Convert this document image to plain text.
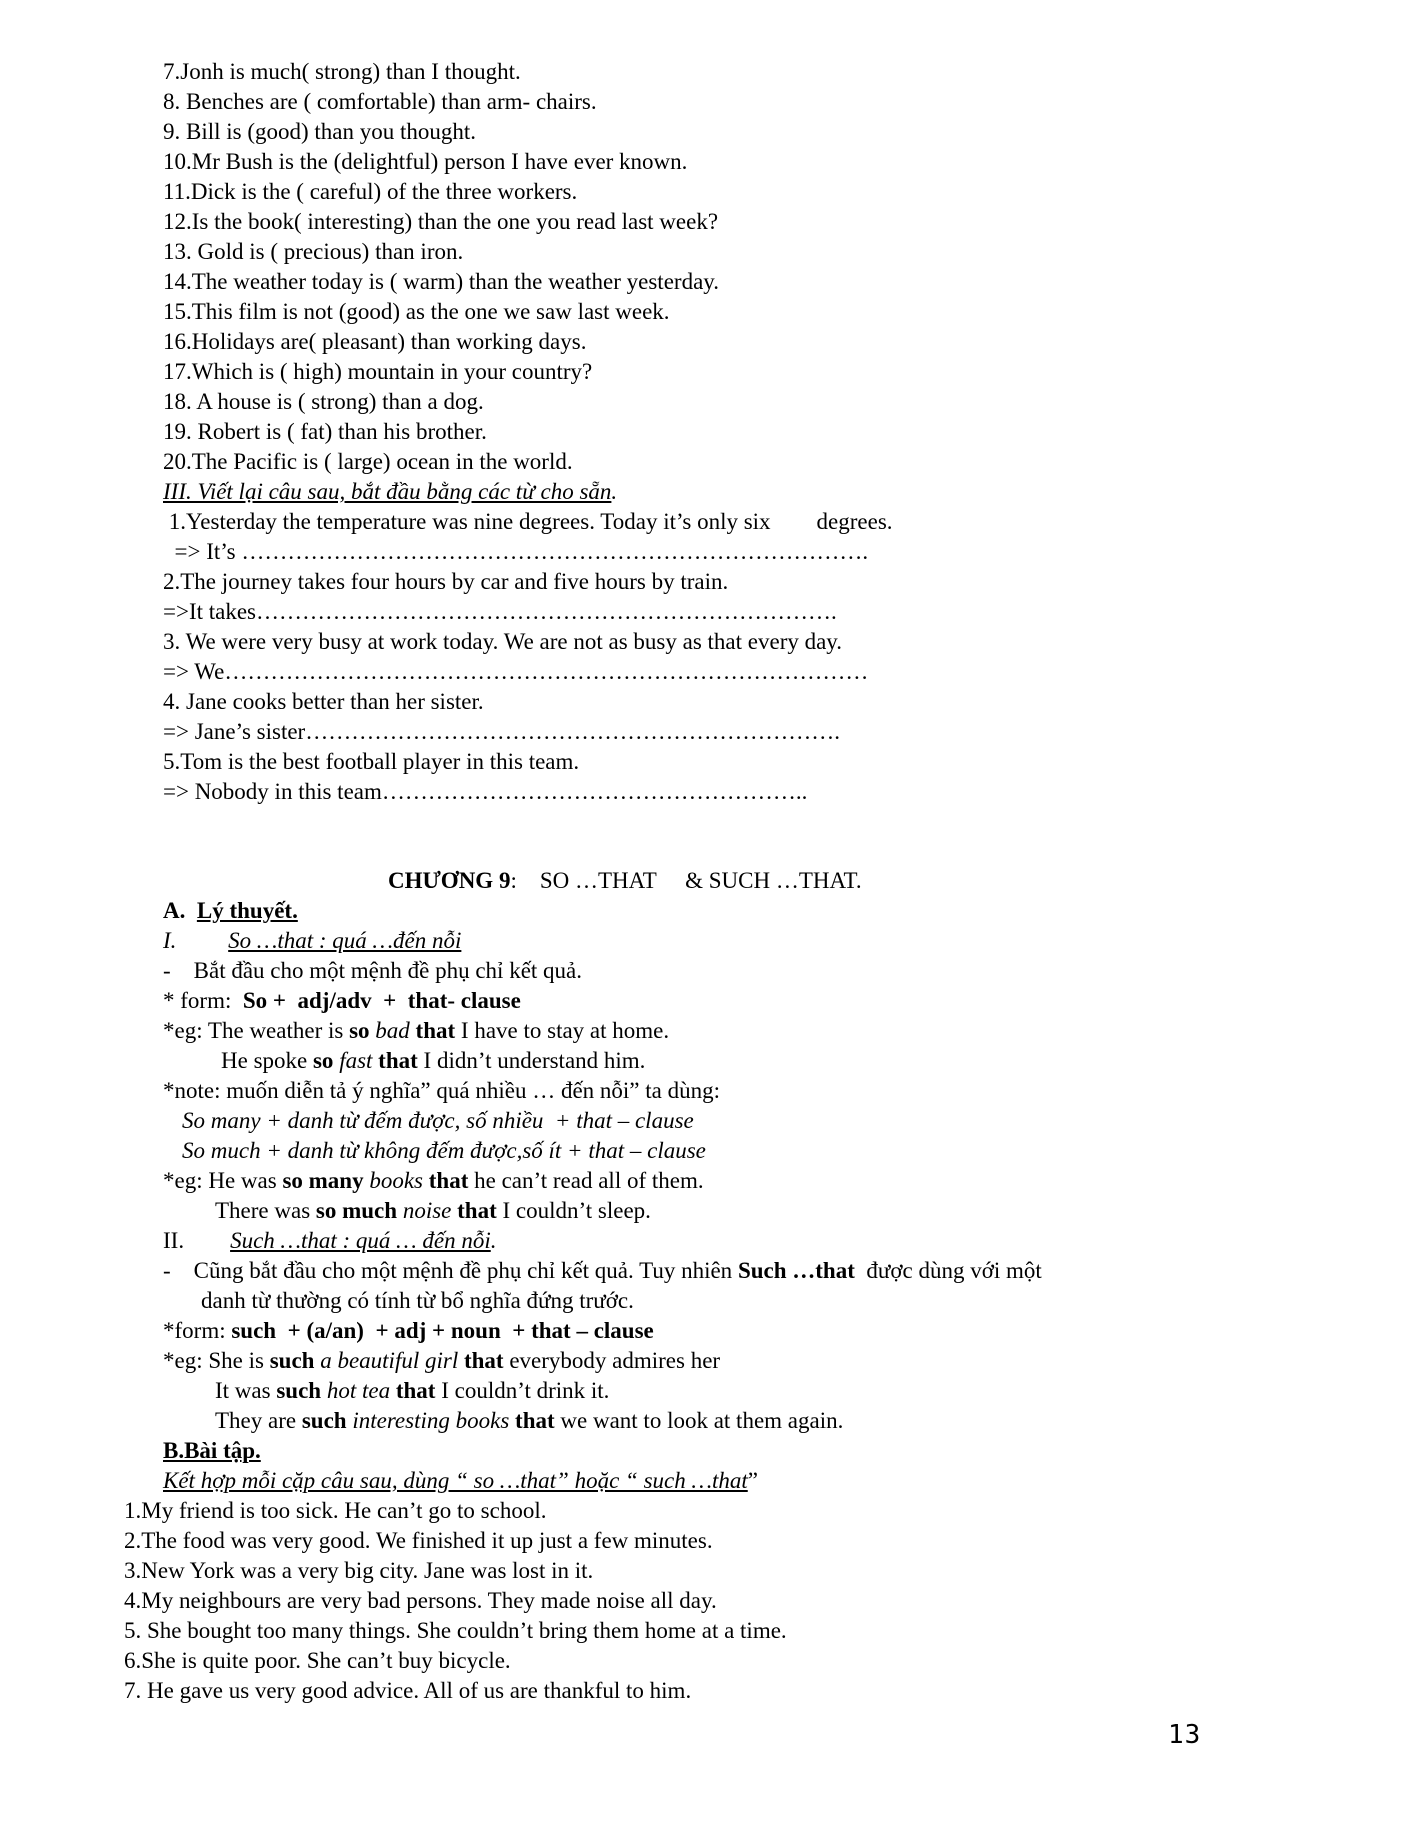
7.Jonh is much( strong) than I thought.
8. Benches are ( comfortable) than arm- chairs.
9. Bill is (good) than you thought.
10.Mr Bush is the (delightful) person I have ever known.
11.Dick is the ( careful) of the three workers.
12.Is the book( interesting) than the one you read last week?
13. Gold is ( precious) than iron.
14.The weather today is ( warm) than the weather yesterday.
15.This film is not (good) as the one we saw last week.
16.Holidays are( pleasant) than working days.
17.Which is ( high) mountain in your country?
18. A house is ( strong) than a dog.
19. Robert is ( fat) than his brother.
20.The Pacific is ( large) ocean in the world.
III. Viết lại câu sau, bắt đầu bằng các từ cho sẵn.
1.Yesterday the temperature was nine degrees. Today it’s only six        degrees.
=> It’s ……………………………………………………………………….
2.The journey takes four hours by car and five hours by train.
=>It takes………………………………………………………………….
3. We were very busy at work today. We are not as busy as that every day.
=> We…………………………………………………………………………
4. Jane cooks better than her sister.
=> Jane’s sister…………………………………………………………….
5.Tom is the best football player in this team.
=> Nobody in this team………………………………………………..
CHƯƠNG 9:    SO …THAT     & SUCH …THAT.
A.  Lý thuyết.
I.         So …that : quá …đến nỗi
-    Bắt đầu cho một mệnh đề phụ chỉ kết quả.
* form:  So +  adj/adv  +  that- clause
*eg: The weather is so bad that I have to stay at home.
He spoke so fast that I didn’t understand him.
*note: muốn diễn tả ý nghĩa” quá nhiều … đến nỗi” ta dùng:
So many + danh từ đếm được, số nhiều  + that – clause
So much + danh từ không đếm được,số ít + that – clause
*eg: He was so many books that he can’t read all of them.
There was so much noise that I couldn’t sleep.
II.        Such …that : quá … đến nỗi.
-    Cũng bắt đầu cho một mệnh đề phụ chỉ kết quả. Tuy nhiên Such …that  được dùng với một
danh từ thường có tính từ bổ nghĩa đứng trước.
*form: such  + (a/an)  + adj + noun  + that – clause
*eg: She is such a beautiful girl that everybody admires her
It was such hot tea that I couldn’t drink it.
They are such interesting books that we want to look at them again.
B.Bài tập.
Kết hợp mỗi cặp câu sau, dùng “ so …that” hoặc “ such …that”
1.My friend is too sick. He can’t go to school.
2.The food was very good. We finished it up just a few minutes.
3.New York was a very big city. Jane was lost in it.
4.My neighbours are very bad persons. They made noise all day.
5. She bought too many things. She couldn’t bring them home at a time.
6.She is quite poor. She can’t buy bicycle.
7. He gave us very good advice. All of us are thankful to him.
13
